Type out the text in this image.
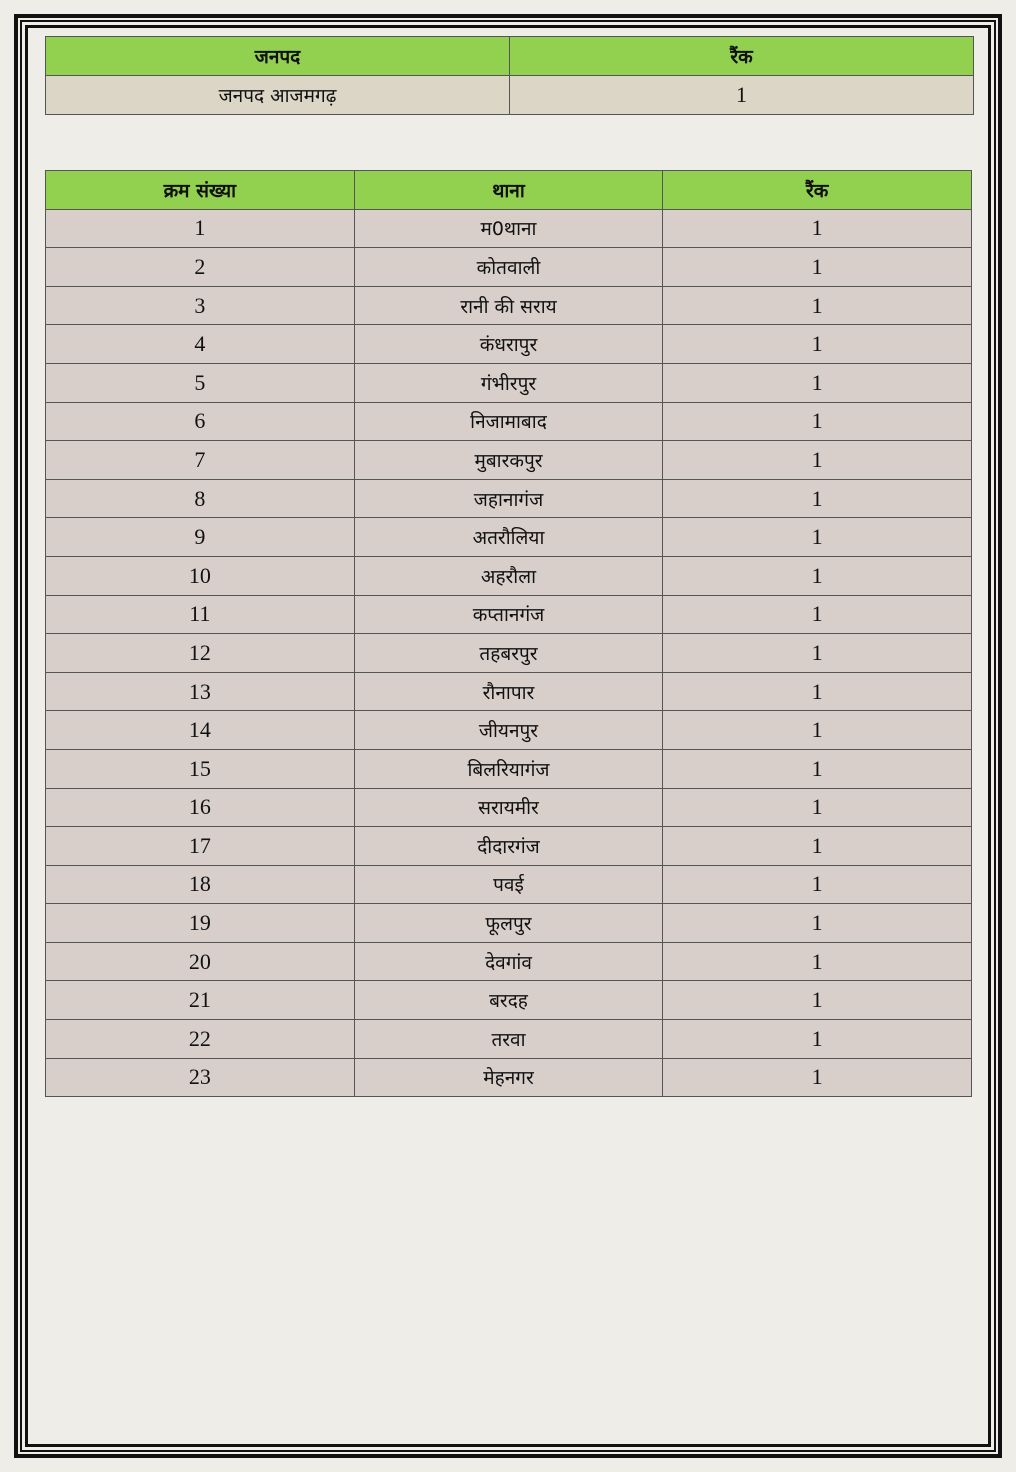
जनपद	रैंक
जनपद आजमगढ़	1
क्रम संख्या	थाना	रैंक
1	म0थाना	1
2	कोतवाली	1
3	रानी की सराय	1
4	कंधरापुर	1
5	गंभीरपुर	1
6	निजामाबाद	1
7	मुबारकपुर	1
8	जहानागंज	1
9	अतरौलिया	1
10	अहरौला	1
11	कप्तानगंज	1
12	तहबरपुर	1
13	रौनापार	1
14	जीयनपुर	1
15	बिलरियागंज	1
16	सरायमीर	1
17	दीदारगंज	1
18	पवई	1
19	फूलपुर	1
20	देवगांव	1
21	बरदह	1
22	तरवा	1
23	मेहनगर	1
